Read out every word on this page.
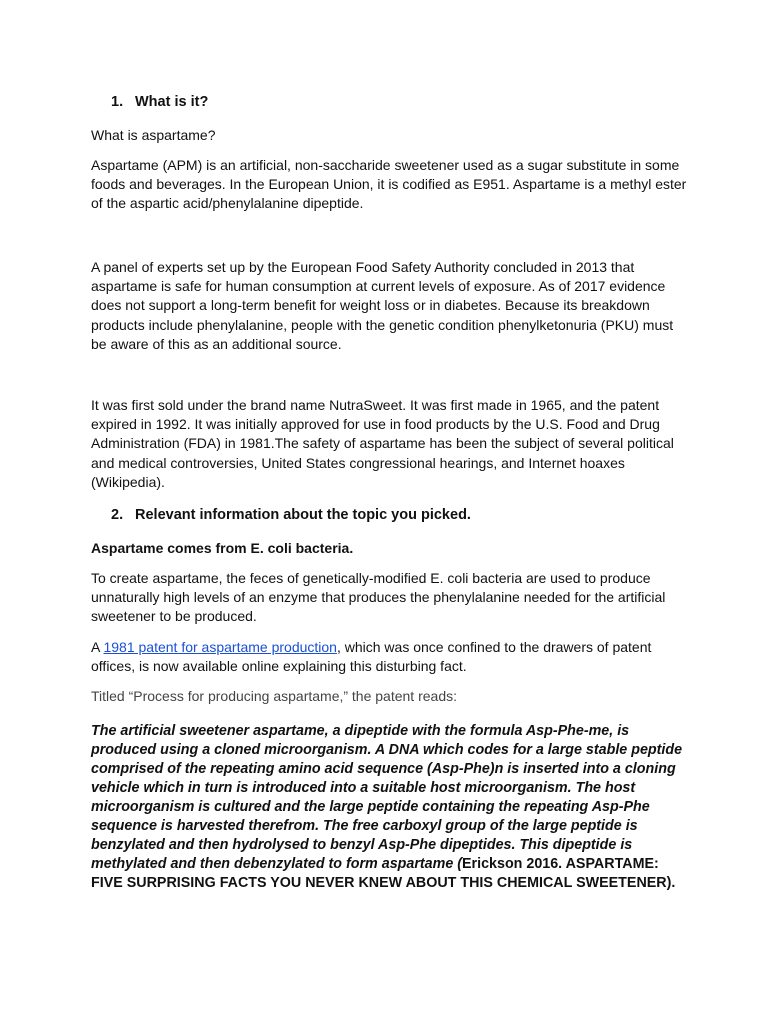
1. What is it?

What is aspartame?

Aspartame (APM) is an artificial, non-saccharide sweetener used as a sugar substitute in some foods and beverages. In the European Union, it is codified as E951. Aspartame is a methyl ester of the aspartic acid/phenylalanine dipeptide.

A panel of experts set up by the European Food Safety Authority concluded in 2013 that aspartame is safe for human consumption at current levels of exposure. As of 2017 evidence does not support a long-term benefit for weight loss or in diabetes. Because its breakdown products include phenylalanine, people with the genetic condition phenylketonuria (PKU) must be aware of this as an additional source.

It was first sold under the brand name NutraSweet. It was first made in 1965, and the patent expired in 1992. It was initially approved for use in food products by the U.S. Food and Drug Administration (FDA) in 1981.The safety of aspartame has been the subject of several political and medical controversies, United States congressional hearings, and Internet hoaxes (Wikipedia).

2. Relevant information about the topic you picked.

Aspartame comes from E. coli bacteria.

To create aspartame, the feces of genetically-modified E. coli bacteria are used to produce unnaturally high levels of an enzyme that produces the phenylalanine needed for the artificial sweetener to be produced.

A 1981 patent for aspartame production, which was once confined to the drawers of patent offices, is now available online explaining this disturbing fact.

Titled “Process for producing aspartame,” the patent reads:

The artificial sweetener aspartame, a dipeptide with the formula Asp-Phe-me, is produced using a cloned microorganism. A DNA which codes for a large stable peptide comprised of the repeating amino acid sequence (Asp-Phe)n is inserted into a cloning vehicle which in turn is introduced into a suitable host microorganism. The host microorganism is cultured and the large peptide containing the repeating Asp-Phe sequence is harvested therefrom. The free carboxyl group of the large peptide is benzylated and then hydrolysed to benzyl Asp-Phe dipeptides. This dipeptide is methylated and then debenzylated to form aspartame (Erickson 2016. ASPARTAME: FIVE SURPRISING FACTS YOU NEVER KNEW ABOUT THIS CHEMICAL SWEETENER).
